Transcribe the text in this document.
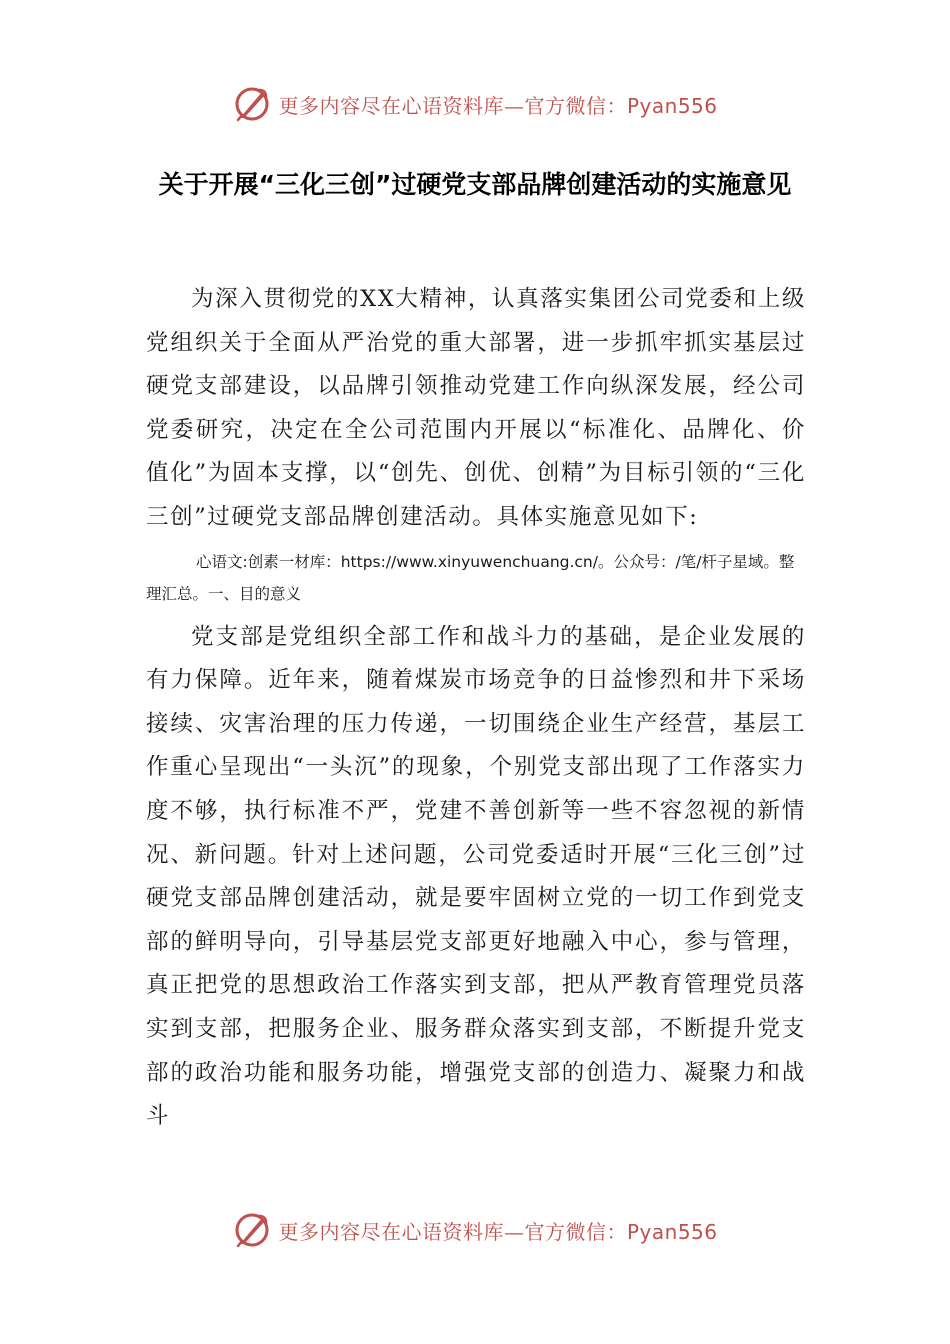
更多内容尽在心语资料库—官方微信：Pyan556
关于开展“三化三创”过硬党支部品牌创建活动的实施意见

为深入贯彻党的XX大精神，认真落实集团公司党委和上级党组织关于全面从严治党的重大部署，进一步抓牢抓实基层过硬党支部建设，以品牌引领推动党建工作向纵深发展，经公司党委研究，决定在全公司范围内开展以“标准化、品牌化、价值化”为固本支撑，以“创先、创优、创精”为目标引领的“三化三创”过硬党支部品牌创建活动。具体实施意见如下:

心语文:创素一材库：https://www.xinyuwenchuang.cn/。公众号：/笔/杆子星域。整理汇总。一、目的意义

党支部是党组织全部工作和战斗力的基础，是企业发展的有力保障。近年来，随着煤炭市场竞争的日益惨烈和井下采场接续、灾害治理的压力传递，一切围绕企业生产经营，基层工作重心呈现出“一头沉”的现象，个别党支部出现了工作落实力度不够，执行标准不严，党建不善创新等一些不容忽视的新情况、新问题。针对上述问题，公司党委适时开展“三化三创”过硬党支部品牌创建活动，就是要牢固树立党的一切工作到党支部的鲜明导向，引导基层党支部更好地融入中心，参与管理，真正把党的思想政治工作落实到支部，把从严教育管理党员落实到支部，把服务企业、服务群众落实到支部，不断提升党支部的政治功能和服务功能，增强党支部的创造力、凝聚力和战斗

更多内容尽在心语资料库—官方微信：Pyan556
